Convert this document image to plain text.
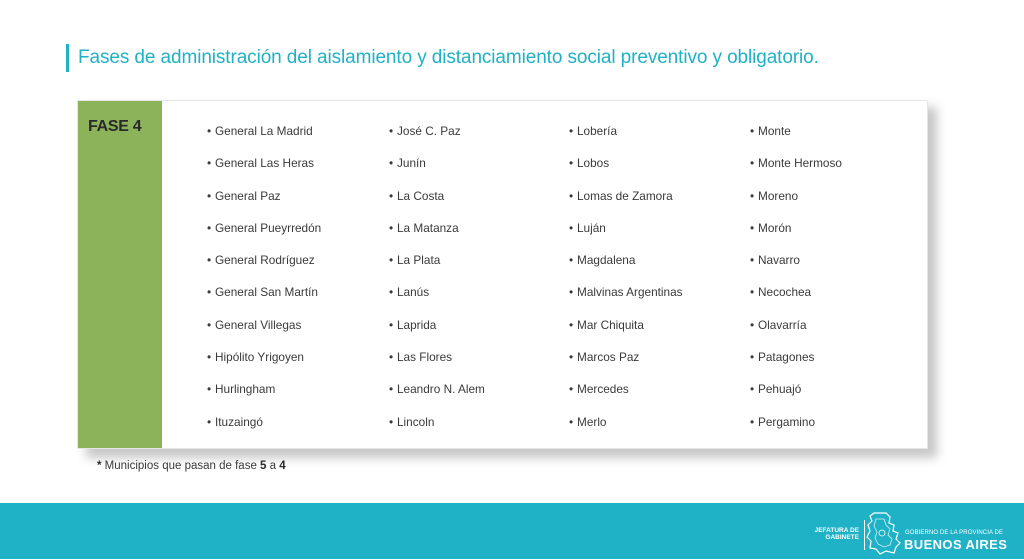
Fases de administración del aislamiento y distanciamiento social preventivo y obligatorio.
FASE 4	• General La Madrid
• General Las Heras
• General Paz
• General Pueyrredón
• General Rodríguez
• General San Martín
• General Villegas
• Hipólito Yrigoyen
• Hurlingham
• Ituzaingó
• José C. Paz
• Junín
• La Costa
• La Matanza
• La Plata
• Lanús
• Laprida
• Las Flores
• Leandro N. Alem
• Lincoln
• Lobería
• Lobos
• Lomas de Zamora
• Luján
• Magdalena
• Malvinas Argentinas
• Mar Chiquita
• Marcos Paz
• Mercedes
• Merlo
• Monte
• Monte Hermoso
• Moreno
• Morón
• Navarro
• Necochea
• Olavarría
• Patagones
• Pehuajó
• Pergamino
* Municipios que pasan de fase 5 a 4
JEFATURA DE
GABINETE
GOBIERNO DE LA PROVINCIA DE
BUENOS AIRES
